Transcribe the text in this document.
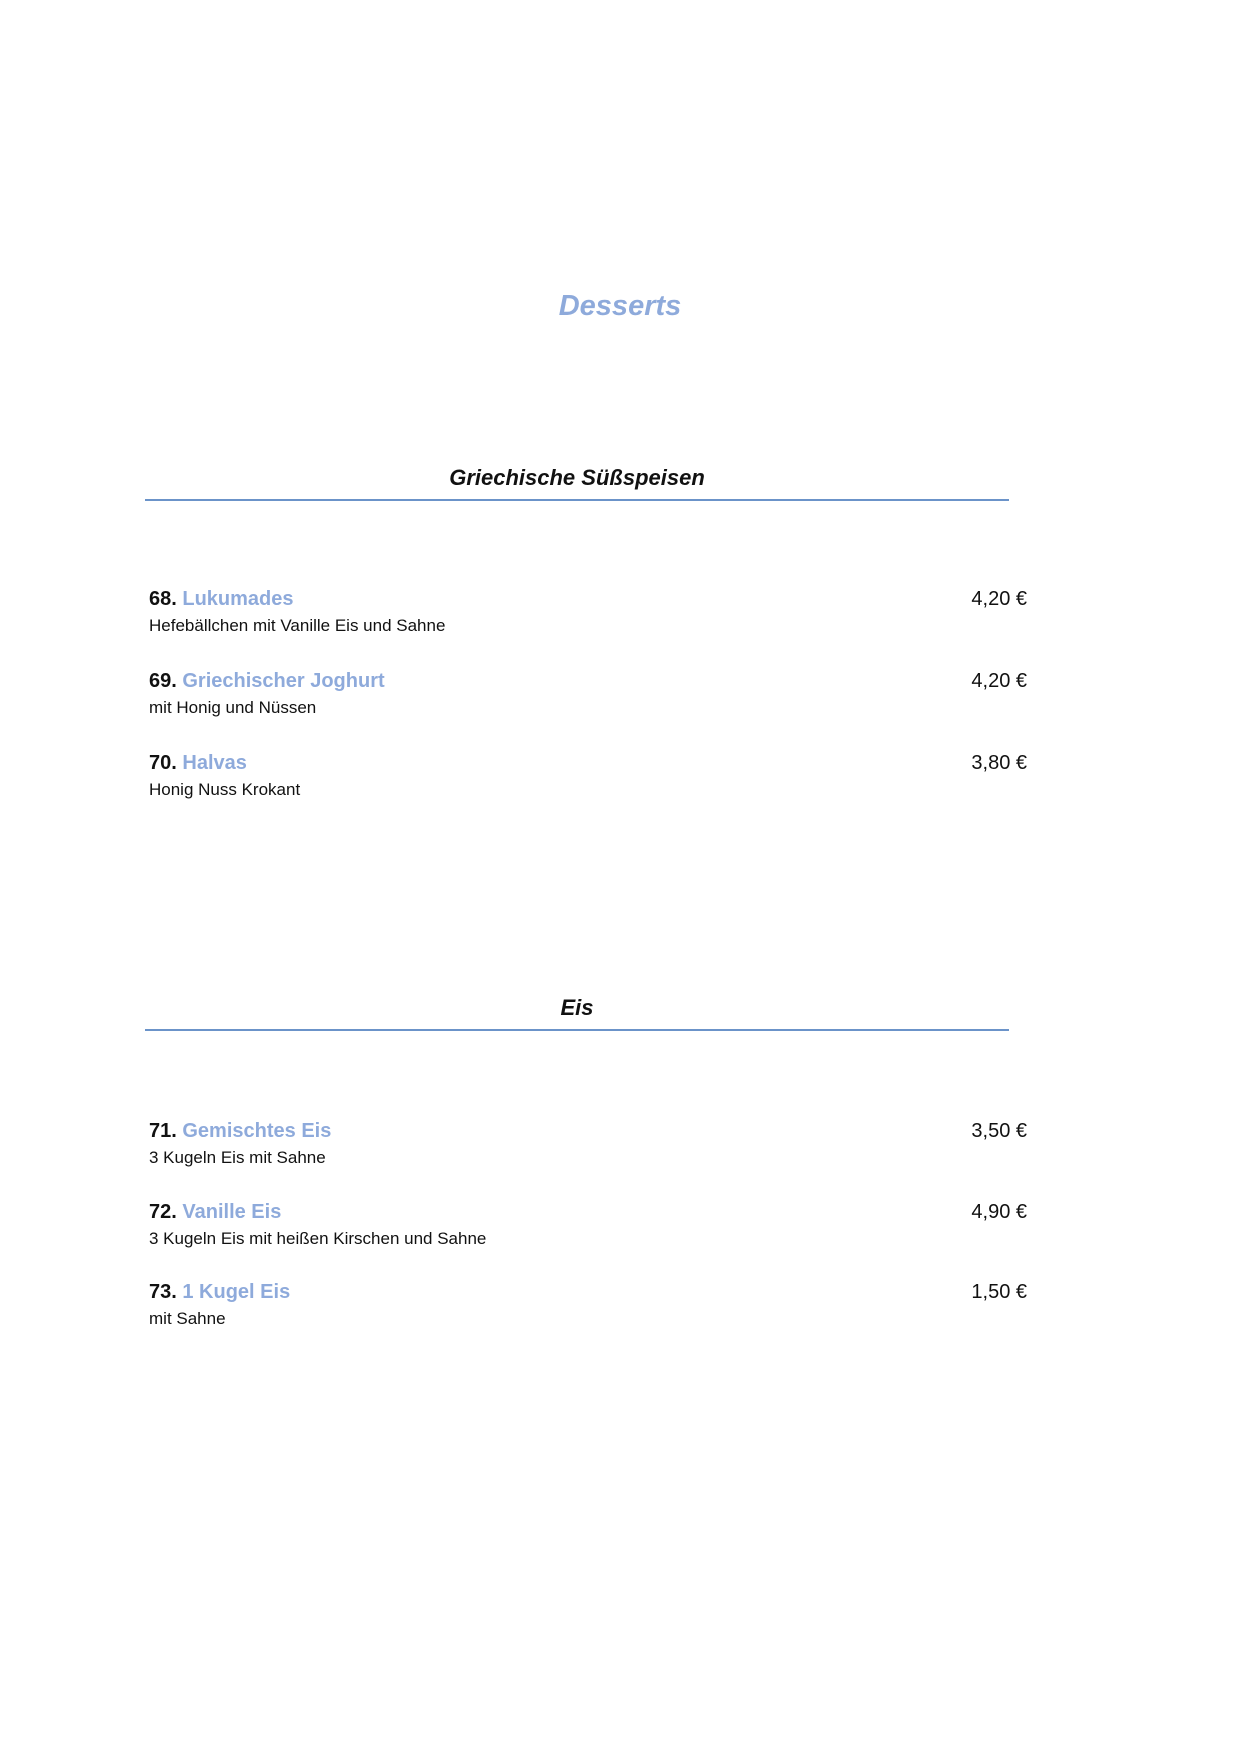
Desserts
Griechische Süßspeisen
68. Lukumades	4,20 €
Hefebällchen mit Vanille Eis und Sahne
69. Griechischer Joghurt	4,20 €
mit Honig und Nüssen
70. Halvas	3,80 €
Honig Nuss Krokant
Eis
71. Gemischtes Eis	3,50 €
3 Kugeln Eis mit Sahne
72. Vanille Eis	4,90 €
3 Kugeln Eis mit heißen Kirschen und Sahne
73. 1 Kugel Eis	1,50 €
mit Sahne
